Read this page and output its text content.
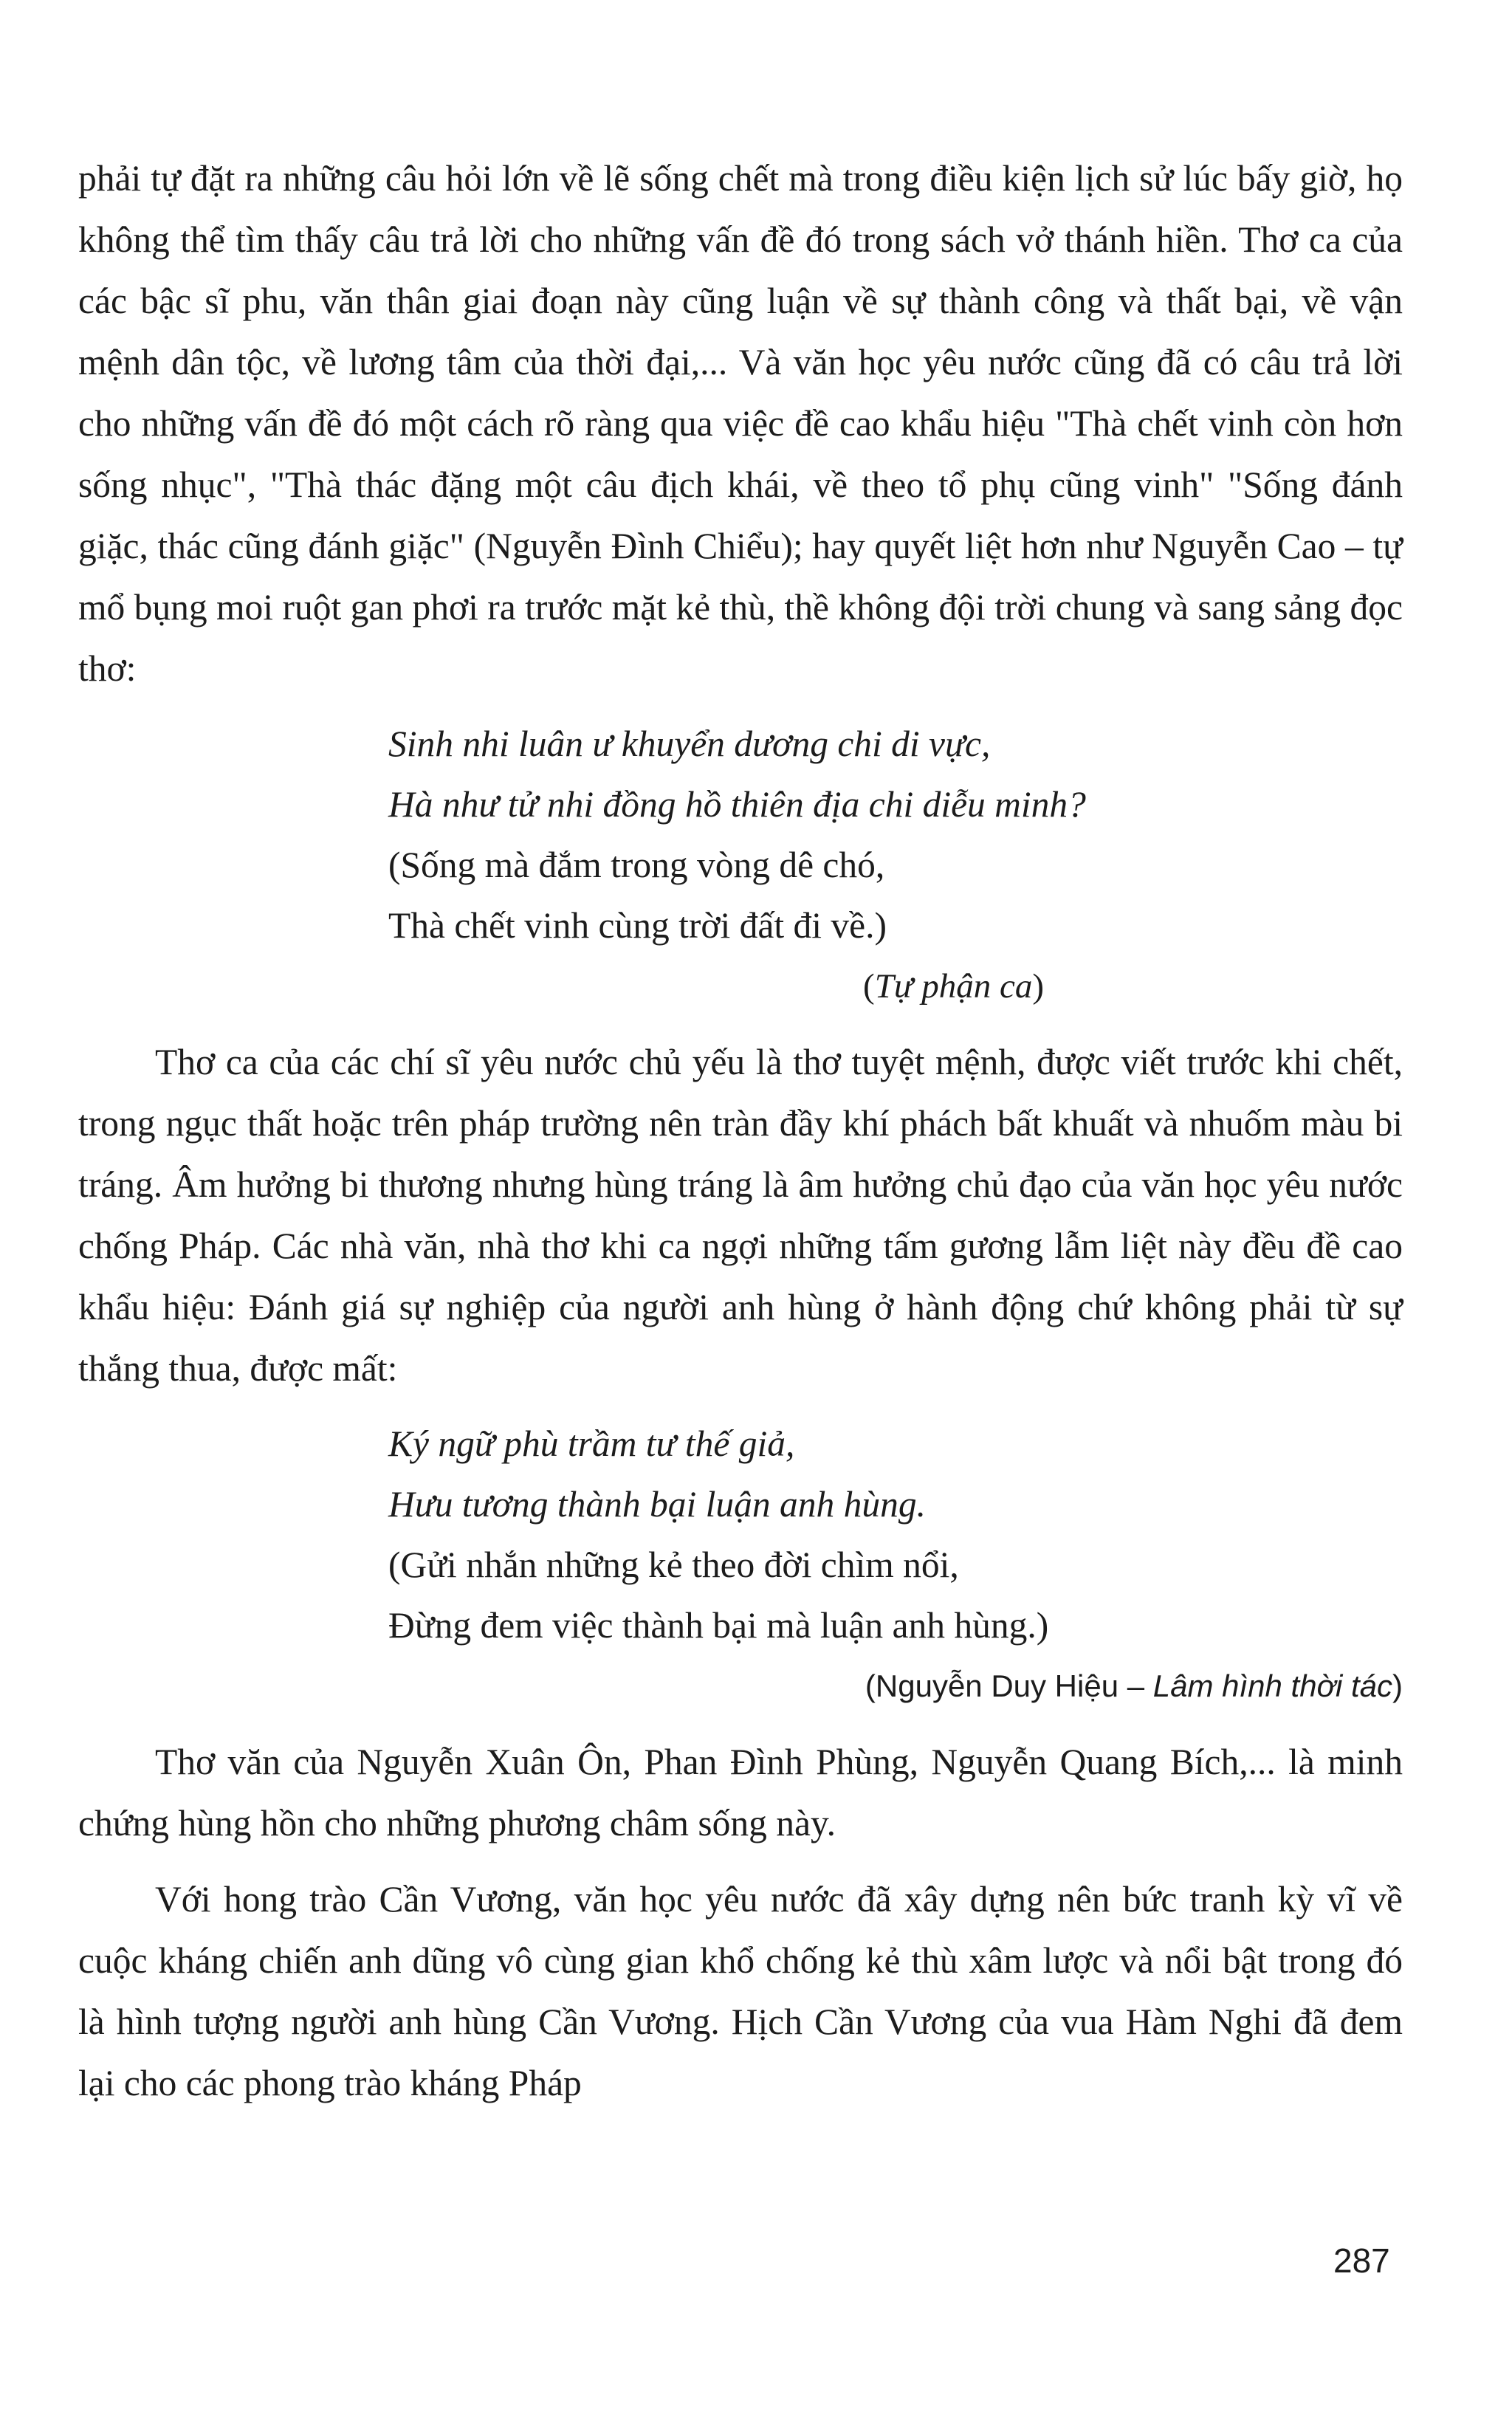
phải tự đặt ra những câu hỏi lớn về lẽ sống chết mà trong điều kiện lịch sử lúc bấy giờ, họ không thể tìm thấy câu trả lời cho những vấn đề đó trong sách vở thánh hiền. Thơ ca của các bậc sĩ phu, văn thân giai đoạn này cũng luận về sự thành công và thất bại, về vận mệnh dân tộc, về lương tâm của thời đại,... Và văn học yêu nước cũng đã có câu trả lời cho những vấn đề đó một cách rõ ràng qua việc đề cao khẩu hiệu "Thà chết vinh còn hơn sống nhục", "Thà thác đặng một câu địch khái, về theo tổ phụ cũng vinh" "Sống đánh giặc, thác cũng đánh giặc" (Nguyễn Đình Chiểu); hay quyết liệt hơn như Nguyễn Cao – tự mổ bụng moi ruột gan phơi ra trước mặt kẻ thù, thề không đội trời chung và sang sảng đọc thơ:

Sinh nhi luân ư khuyển dương chi di vực,
Hà như tử nhi đồng hồ thiên địa chi diễu minh?
(Sống mà đắm trong vòng dê chó,
Thà chết vinh cùng trời đất đi về.)
(Tự phận ca)

Thơ ca của các chí sĩ yêu nước chủ yếu là thơ tuyệt mệnh, được viết trước khi chết, trong ngục thất hoặc trên pháp trường nên tràn đầy khí phách bất khuất và nhuốm màu bi tráng. Âm hưởng bi thương nhưng hùng tráng là âm hưởng chủ đạo của văn học yêu nước chống Pháp. Các nhà văn, nhà thơ khi ca ngợi những tấm gương lẫm liệt này đều đề cao khẩu hiệu: Đánh giá sự nghiệp của người anh hùng ở hành động chứ không phải từ sự thắng thua, được mất:

Ký ngữ phù trầm tư thế giả,
Hưu tương thành bại luận anh hùng.
(Gửi nhắn những kẻ theo đời chìm nổi,
Đừng đem việc thành bại mà luận anh hùng.)
(Nguyễn Duy Hiệu – Lâm hình thời tác)

Thơ văn của Nguyễn Xuân Ôn, Phan Đình Phùng, Nguyễn Quang Bích,... là minh chứng hùng hồn cho những phương châm sống này.

Với hong trào Cần Vương, văn học yêu nước đã xây dựng nên bức tranh kỳ vĩ về cuộc kháng chiến anh dũng vô cùng gian khổ chống kẻ thù xâm lược và nổi bật trong đó là hình tượng người anh hùng Cần Vương. Hịch Cần Vương của vua Hàm Nghi đã đem lại cho các phong trào kháng Pháp

287
